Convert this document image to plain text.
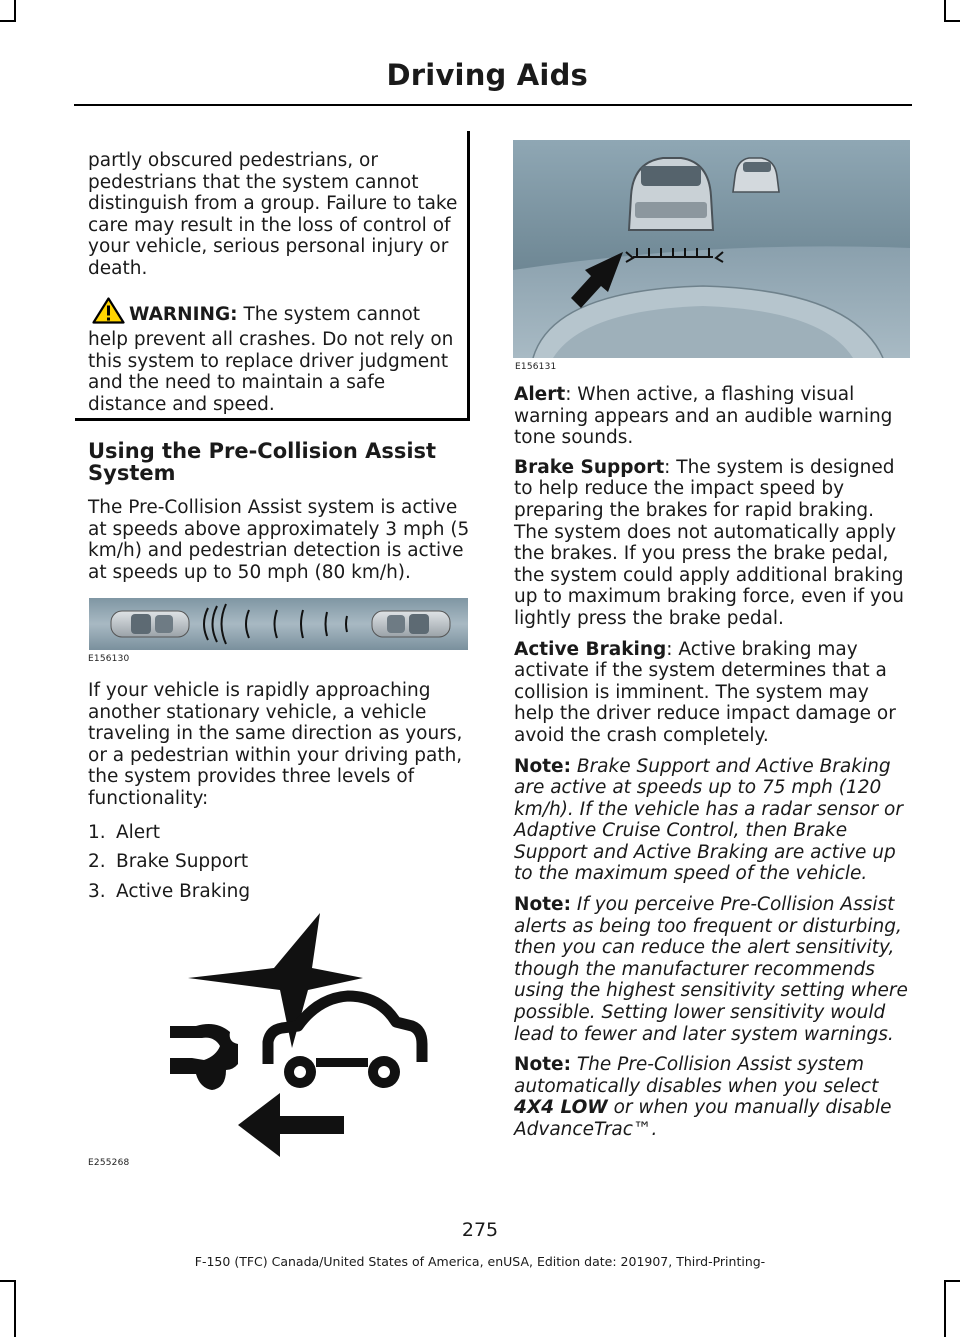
Driving Aids

partly obscured pedestrians, or pedestrians that the system cannot distinguish from a group. Failure to take care may result in the loss of control of your vehicle, serious personal injury or death.

WARNING: The system cannot help prevent all crashes. Do not rely on this system to replace driver judgment and the need to maintain a safe distance and speed.

Using the Pre-Collision Assist System

The Pre-Collision Assist system is active at speeds above approximately 3 mph (5 km/h) and pedestrian detection is active at speeds up to 50 mph (80 km/h).

E156130

If your vehicle is rapidly approaching another stationary vehicle, a vehicle traveling in the same direction as yours, or a pedestrian within your driving path, the system provides three levels of functionality:

1. Alert
2. Brake Support
3. Active Braking
E255268
E156131

Alert: When active, a flashing visual warning appears and an audible warning tone sounds.

Brake Support: The system is designed to help reduce the impact speed by preparing the brakes for rapid braking. The system does not automatically apply the brakes. If you press the brake pedal, the system could apply additional braking up to maximum braking force, even if you lightly press the brake pedal.

Active Braking: Active braking may activate if the system determines that a collision is imminent. The system may help the driver reduce impact damage or avoid the crash completely.

Note: Brake Support and Active Braking are active at speeds up to 75 mph (120 km/h). If the vehicle has a radar sensor or Adaptive Cruise Control, then Brake Support and Active Braking are active up to the maximum speed of the vehicle.

Note: If you perceive Pre-Collision Assist alerts as being too frequent or disturbing, then you can reduce the alert sensitivity, though the manufacturer recommends using the highest sensitivity setting where possible. Setting lower sensitivity would lead to fewer and later system warnings.

Note: The Pre-Collision Assist system automatically disables when you select 4X4 LOW or when you manually disable AdvanceTrac™.

275
F-150 (TFC) Canada/United States of America, enUSA, Edition date: 201907, Third-Printing-
